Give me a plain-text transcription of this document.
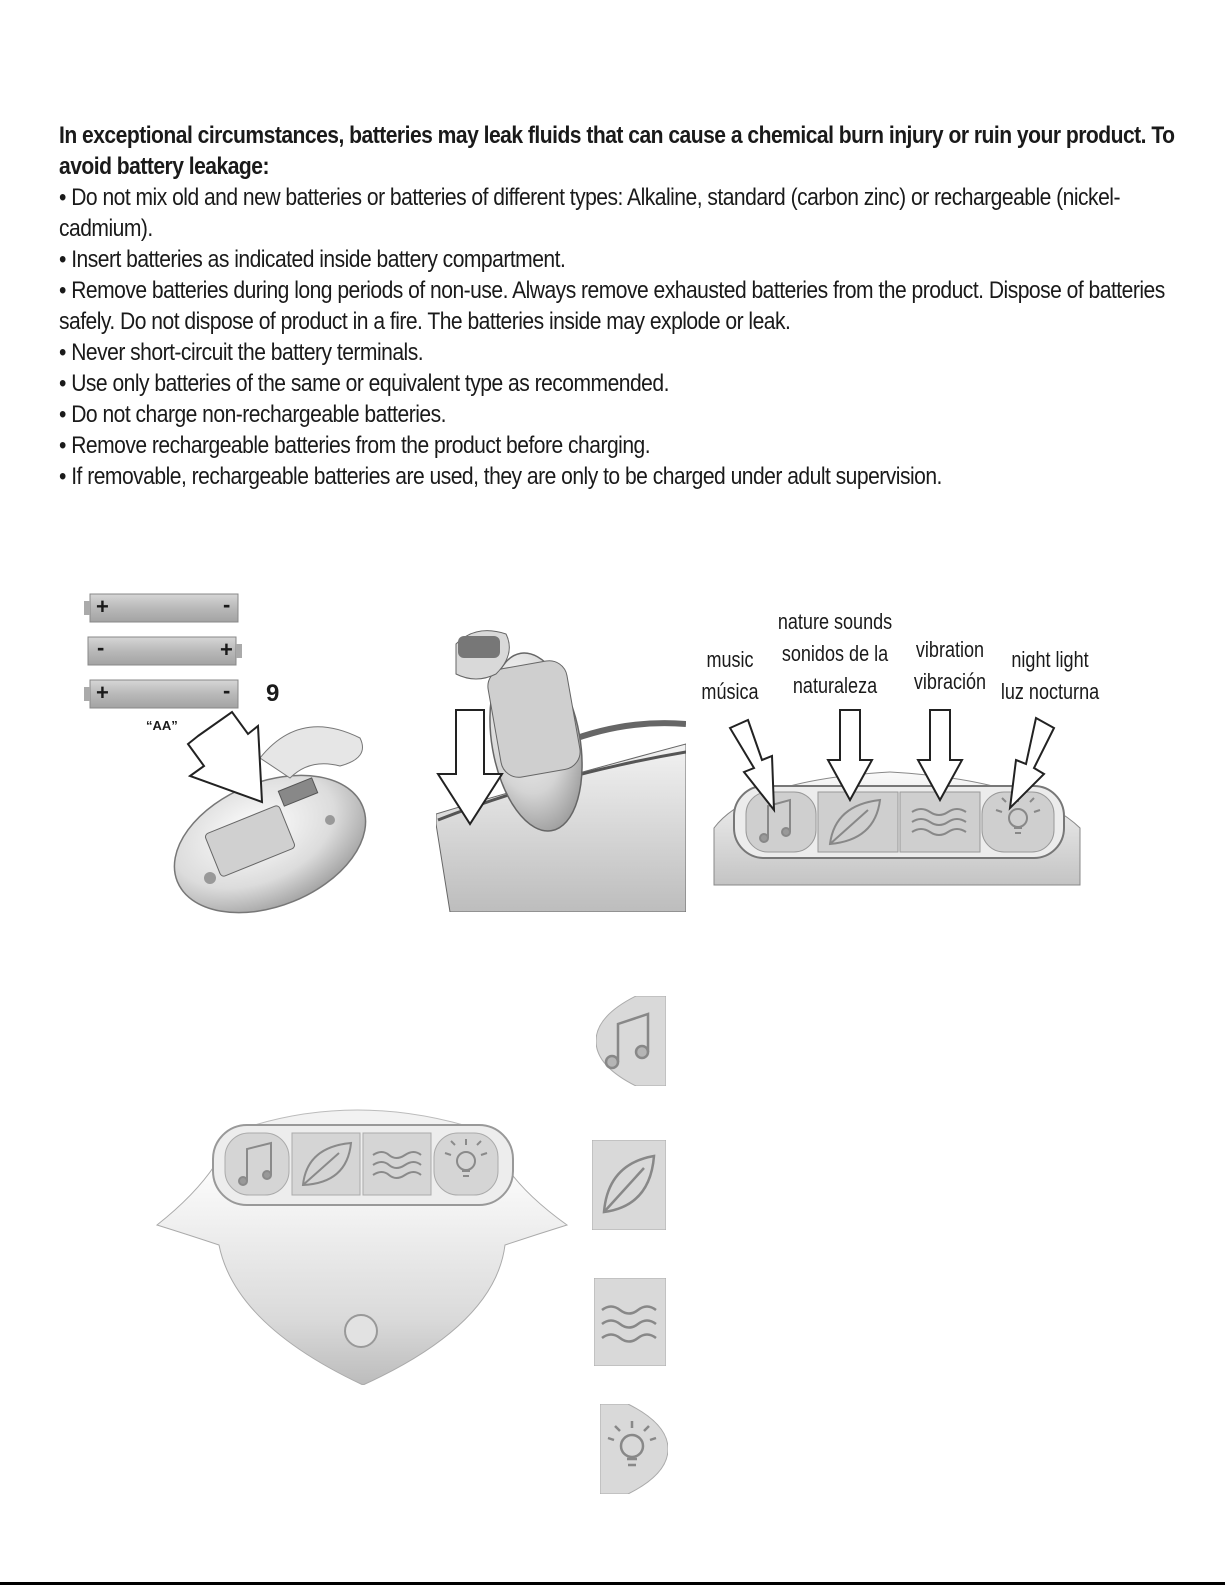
In exceptional circumstances, batteries may leak fluids that can cause a chemical burn injury or ruin your product. To avoid battery leakage:

• Do not mix old and new batteries or batteries of different types: Alkaline, standard (carbon zinc) or rechargeable (nickel-cadmium).

• Insert batteries as indicated inside battery compartment.

• Remove batteries during long periods of non-use. Always remove exhausted batteries from the product. Dispose of batteries safely. Do not dispose of product in a fire. The batteries inside may explode or leak.

• Never short-circuit the battery terminals.

• Use only batteries of the same or equivalent type as recommended.

• Do not charge non-rechargeable batteries.

• Remove rechargeable batteries from the product before charging.

• If removable, rechargeable batteries are used, they are only to be charged under adult supervision.

+	-
-	+
+	- 9
“AA”
music
música
nature sounds
sonidos de la
naturaleza
vibration
vibración
night light
luz nocturna
